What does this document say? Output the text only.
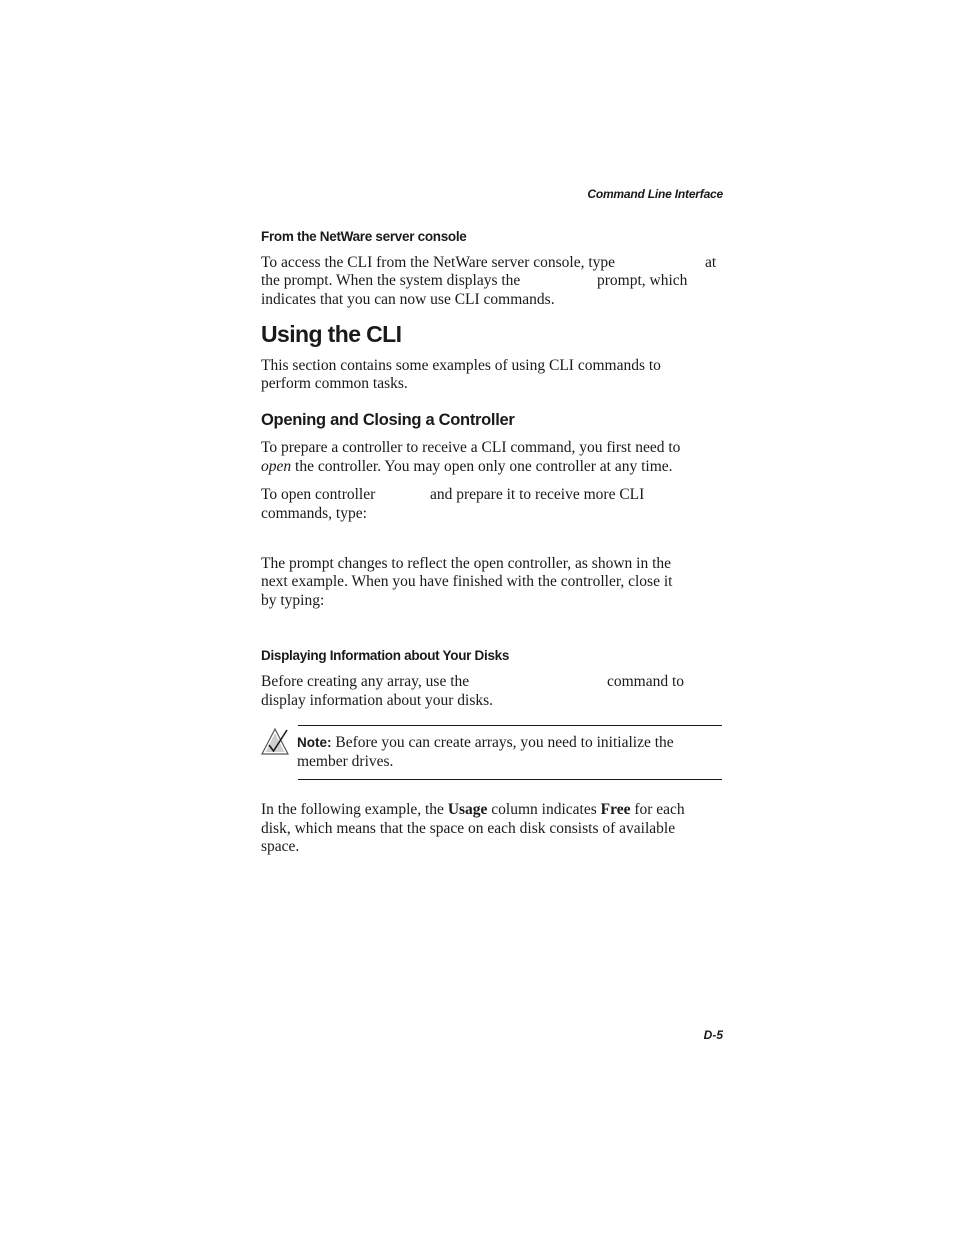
Command Line Interface
From the NetWare server console
To access the CLI from the NetWare server console, type	at
the prompt. When the system displays the	prompt, which
indicates that you can now use CLI commands.
Using the CLI
This section contains some examples of using CLI commands to
perform common tasks.
Opening and Closing a Controller
To prepare a controller to receive a CLI command, you first need to
open the controller. You may open only one controller at any time.
To open controller	and prepare it to receive more CLI
commands, type:
The prompt changes to reflect the open controller, as shown in the
next example. When you have finished with the controller, close it
by typing:
Displaying Information about Your Disks
Before creating any array, use the	command to
display information about your disks.
Note: Before you can create arrays, you need to initialize the
member drives.
In the following example, the Usage column indicates Free for each
disk, which means that the space on each disk consists of available
space.
D-5
